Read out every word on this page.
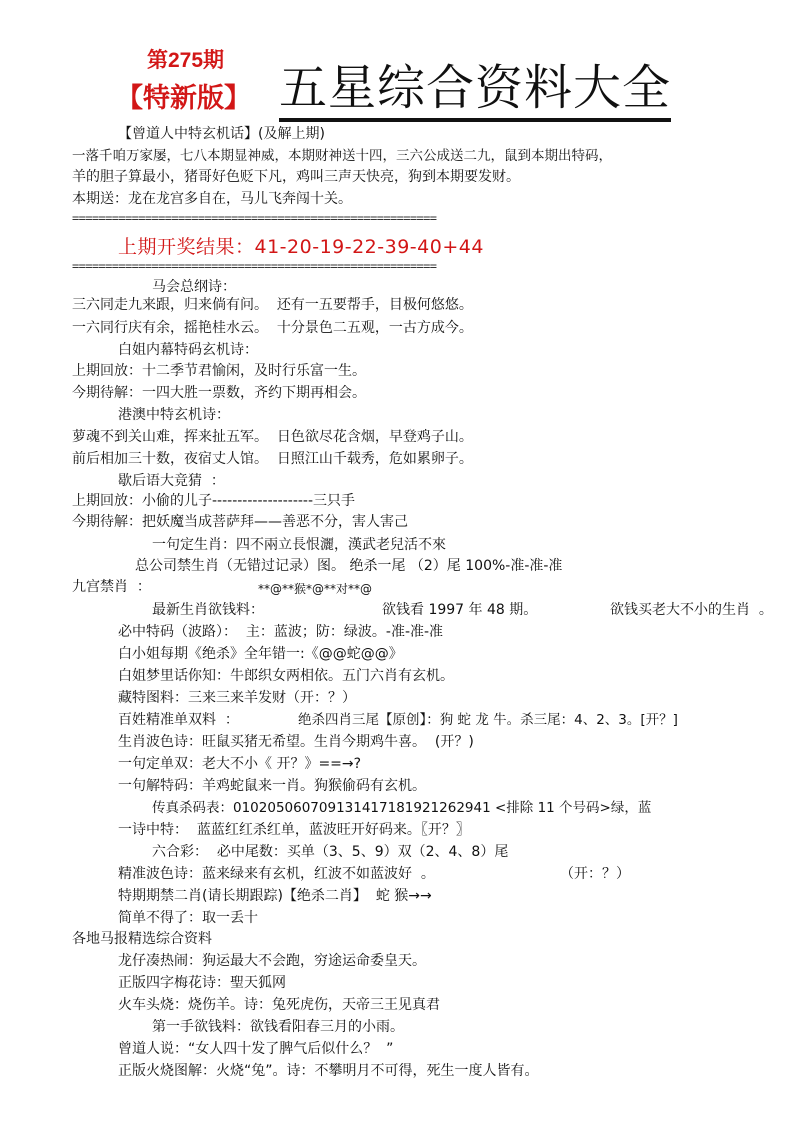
第275期
【特新版】 五星综合资料大全
【曾道人中特玄机话】(及解上期)
一落千咱万家屡，七八本期显神威，本期财神送十四，三六公成送二九，鼠到本期出特码，
羊的胆子算最小，猪哥好色贬下凡，鸡叫三声天快亮，狗到本期要发财。
本期送：龙在龙宫多自在，马儿飞奔闯十关。
=======================================================
上期开奖结果：41-20-19-22-39-40+44
=======================================================
马会总纲诗：
三六同走九来跟，归来倘有问。  还有一五要帮手，目极何悠悠。
一六同行庆有余，摇艳桂水云。  十分景色二五观，一古方成今。
白姐内幕特码玄机诗：
上期回放：十二季节君愉闲，及时行乐富一生。
今期待解：一四大胜一票数，齐约下期再相会。
港澳中特玄机诗：
萝魂不到关山难，挥来扯五军。  日色欲尽花含烟，早登鸡子山。
前后相加三十数，夜宿丈人馆。  日照江山千载秀，危如累卵子。
歇后语大竞猜  ：
上期回放：小偷的儿子--------------------三只手
今期待解：把妖魔当成菩萨拜——善恶不分，害人害己
一句定生肖：四不兩立長恨灑，漢武老兒活不來
总公司禁生肖（无错过记录）图。 绝杀一尾 （2）尾 100%-准-准-准
九宫禁肖  ：	**@**猴*@**对**@
最新生肖欲钱料：	欲钱看 1997 年 48 期。	欲钱买老大不小的生肖  。
必中特码（波路）：  主：蓝波；防：绿波。-准-准-准
白小姐每期《绝杀》全年错一:《@@蛇@@》
白姐梦里话你知：牛郎织女两相依。五门六肖有玄机。
藏特图料：三来三来羊发财（开：？）
百姓精准单双料  ：	绝杀四肖三尾【原创】：狗 蛇 龙 牛。杀三尾：4、2、3。[开？]
生肖波色诗：旺鼠买猪无希望。生肖今期鸡牛喜。  (开？)
一句定单双：老大不小《 开？》==→?
一句解特码：羊鸡蛇鼠来一肖。狗猴偷码有玄机。
传真杀码表：01020506070913141718192126​2941 <排除 11 个号码>绿，蓝
一诗中特：  蓝蓝红红杀红单，蓝波旺开好码来。〖开？〗
六合彩：  必中尾数：买单（3、5、9）双（2、4、8）尾
精准波色诗：蓝来绿来有玄机，红波不如蓝波好  。	（开：？）
特期期禁二肖(请长期跟踪)【绝杀二肖】  蛇 猴→→
简单不得了：取一丢十
各地马报精选综合资料
龙仔凑热闹：狗运最大不会跑，穷途运命委皇天。
正版四字梅花诗：聖天狐网
火车头烧：烧伤羊。诗：兔死虎伤，天帝三王见真君
第一手欲钱料：欲钱看阳春三月的小雨。
曾道人说：“女人四十发了脾气后似什么？  ”
正版火烧图解：火烧“兔”。诗：不攀明月不可得，死生一度人皆有。
